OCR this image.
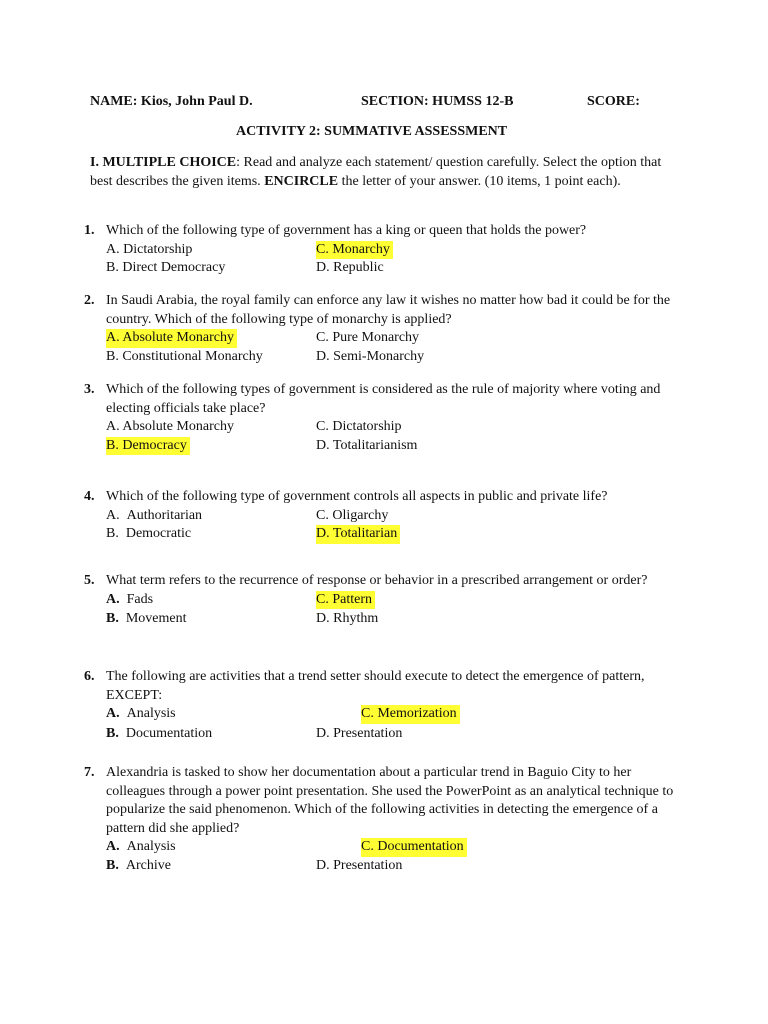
NAME: Kios, John Paul D.	SECTION: HUMSS 12-B	SCORE:
ACTIVITY 2: SUMMATIVE ASSESSMENT
I. MULTIPLE CHOICE: Read and analyze each statement/ question carefully. Select the option that best describes the given items. ENCIRCLE the letter of your answer. (10 items, 1 point each).
1. Which of the following type of government has a king or queen that holds the power?
A. Dictatorship
B. Direct Democracy
C. Monarchy
D. Republic
2. In Saudi Arabia, the royal family can enforce any law it wishes no matter how bad it could be for the country. Which of the following type of monarchy is applied?
A. Absolute Monarchy
B. Constitutional Monarchy
C. Pure Monarchy
D. Semi-Monarchy
3. Which of the following types of government is considered as the rule of majority where voting and electing officials take place?
A. Absolute Monarchy
B. Democracy
C. Dictatorship
D. Totalitarianism
4. Which of the following type of government controls all aspects in public and private life?
A. Authoritarian
B. Democratic
C. Oligarchy
D. Totalitarian
5. What term refers to the recurrence of response or behavior in a prescribed arrangement or order?
A. Fads
B. Movement
C. Pattern
D. Rhythm
6. The following are activities that a trend setter should execute to detect the emergence of pattern, EXCEPT:
A. Analysis
B. Documentation
C. Memorization
D. Presentation
7. Alexandria is tasked to show her documentation about a particular trend in Baguio City to her colleagues through a power point presentation. She used the PowerPoint as an analytical technique to popularize the said phenomenon. Which of the following activities in detecting the emergence of a pattern did she applied?
A. Analysis
B. Archive
C. Documentation
D. Presentation
